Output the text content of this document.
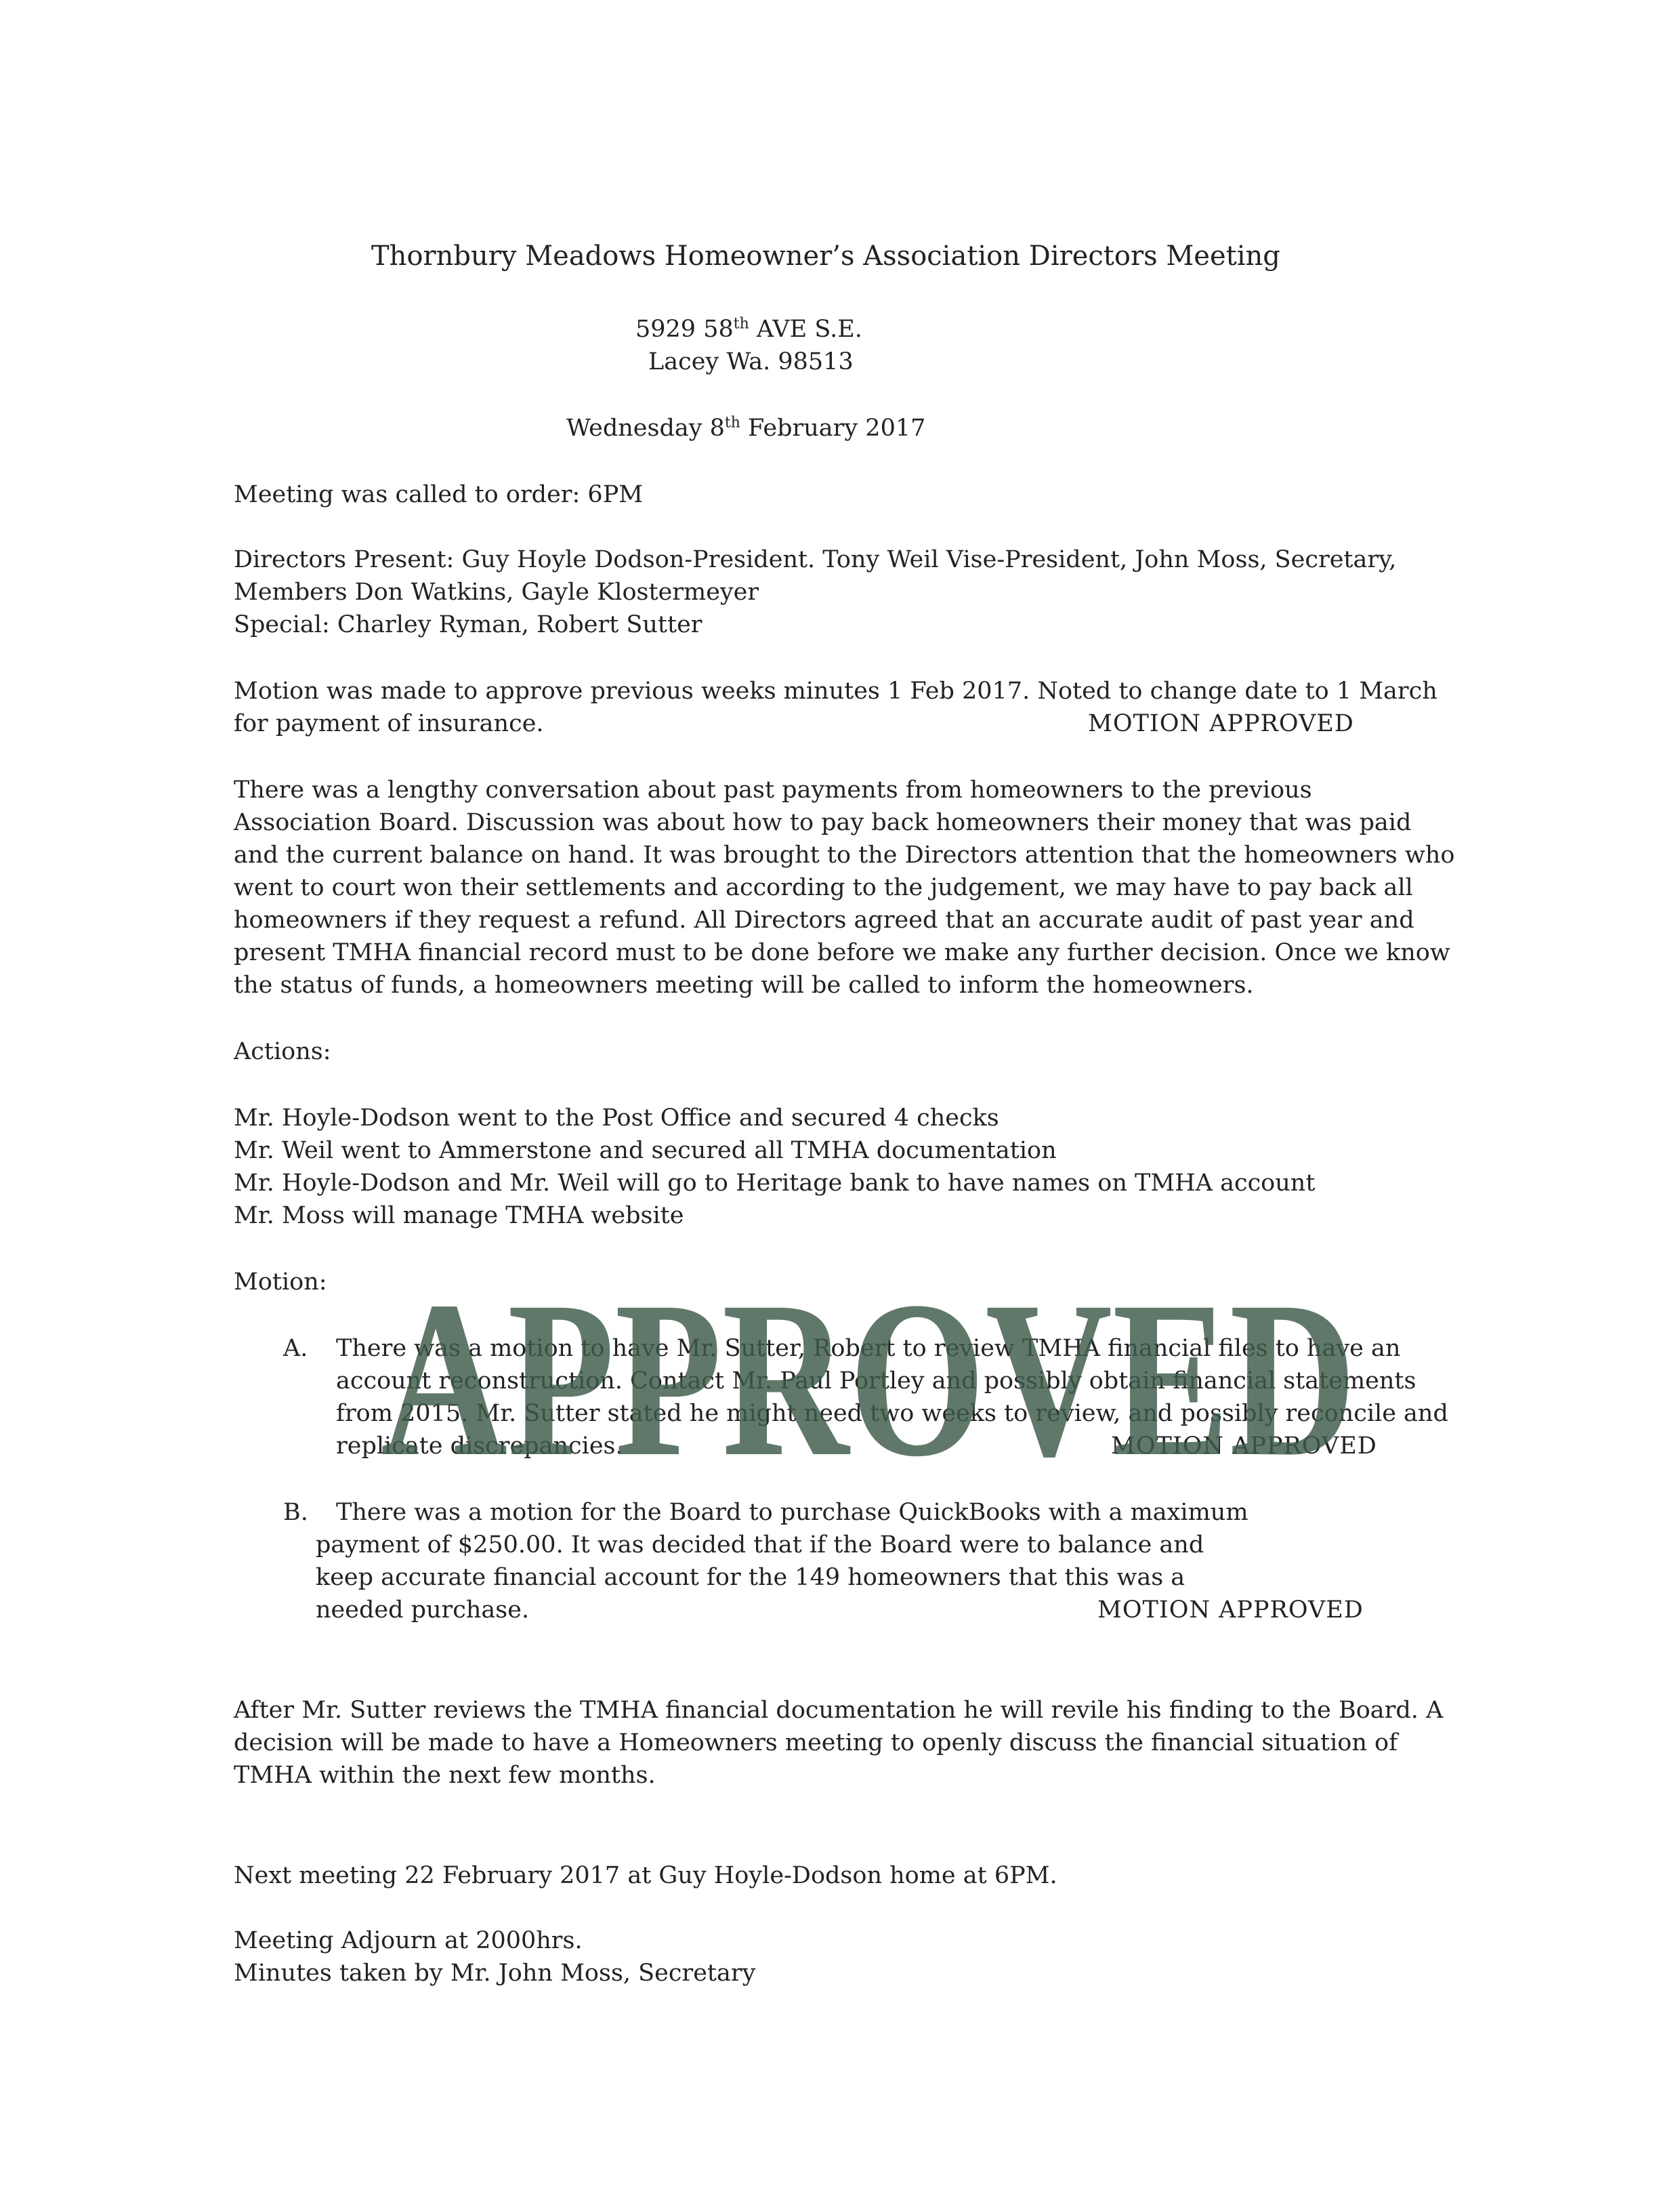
Thornbury Meadows Homeowner’s Association Directors Meeting
5929 58th AVE S.E.
Lacey Wa. 98513
Wednesday 8th February 2017
Meeting was called to order: 6PM
Directors Present: Guy Hoyle Dodson-President. Tony Weil Vise-President, John Moss, Secretary,
Members Don Watkins, Gayle Klostermeyer
Special: Charley Ryman, Robert Sutter
Motion was made to approve previous weeks minutes 1 Feb 2017. Noted to change date to 1 March
for payment of insurance.	MOTION APPROVED
There was a lengthy conversation about past payments from homeowners to the previous
Association Board. Discussion was about how to pay back homeowners their money that was paid
and the current balance on hand. It was brought to the Directors attention that the homeowners who
went to court won their settlements and according to the judgement, we may have to pay back all
homeowners if they request a refund. All Directors agreed that an accurate audit of past year and
present TMHA financial record must to be done before we make any further decision. Once we know
the status of funds, a homeowners meeting will be called to inform the homeowners.
Actions:
Mr. Hoyle-Dodson went to the Post Office and secured 4 checks
Mr. Weil went to Ammerstone and secured all TMHA documentation
Mr. Hoyle-Dodson and Mr. Weil will go to Heritage bank to have names on TMHA account
Mr. Moss will manage TMHA website
Motion:
A. There was a motion to have Mr. Sutter, Robert to review TMHA financial files to have an
account reconstruction. Contact Mr. Paul Portley and possibly obtain financial statements
from 2015. Mr. Sutter stated he might need two weeks to review, and possibly reconcile and
replicate discrepancies.	MOTION APPROVED
B. There was a motion for the Board to purchase QuickBooks with a maximum
payment of $250.00. It was decided that if the Board were to balance and
keep accurate financial account for the 149 homeowners that this was a
needed purchase.	MOTION APPROVED
After Mr. Sutter reviews the TMHA financial documentation he will revile his finding to the Board. A
decision will be made to have a Homeowners meeting to openly discuss the financial situation of
TMHA within the next few months.
Next meeting 22 February 2017 at Guy Hoyle-Dodson home at 6PM.
Meeting Adjourn at 2000hrs.
Minutes taken by Mr. John Moss, Secretary
APPROVED
